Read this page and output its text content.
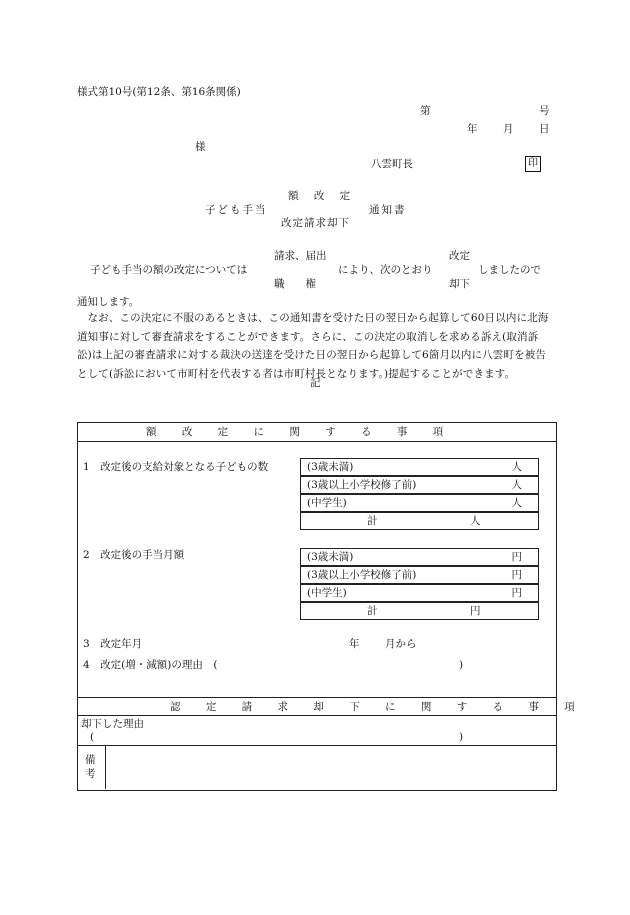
様式第10号(第12条、第16条関係)
第	号
年 月 日
様
八雲町長	印
額 改 定
子ども手当	通知書
改定請求却下
請求、届出	改定
子ども手当の額の改定については	により、次のとおり	しましたので
職　　権	却下
通知します。
なお、この決定に不服のあるときは、この通知書を受けた日の翌日から起算して60日以内に北海道知事に対して審査請求をすることができます。さらに、この決定の取消しを求める訴え(取消訴訟)は上記の審査請求に対する裁決の送達を受けた日の翌日から起算して6箇月以内に八雲町を被告として(訴訟において市町村を代表する者は市町村長となります。)提起することができます。
記
額 改 定 に 関 す る 事 項
1　改定後の支給対象となる子どもの数	(3歳未満)	人
(3歳以上小学校修了前)	人
(中学生)	人
計	人
2　改定後の手当月額	(3歳未満)	円
(3歳以上小学校修了前)	円
(中学生)	円
計	円
3　改定年月	年 月から
4　改定(増・減額)の理由　(	)
認 定 請 求 却 下 に 関 す る 事 項
却下した理由
(	)
備考
